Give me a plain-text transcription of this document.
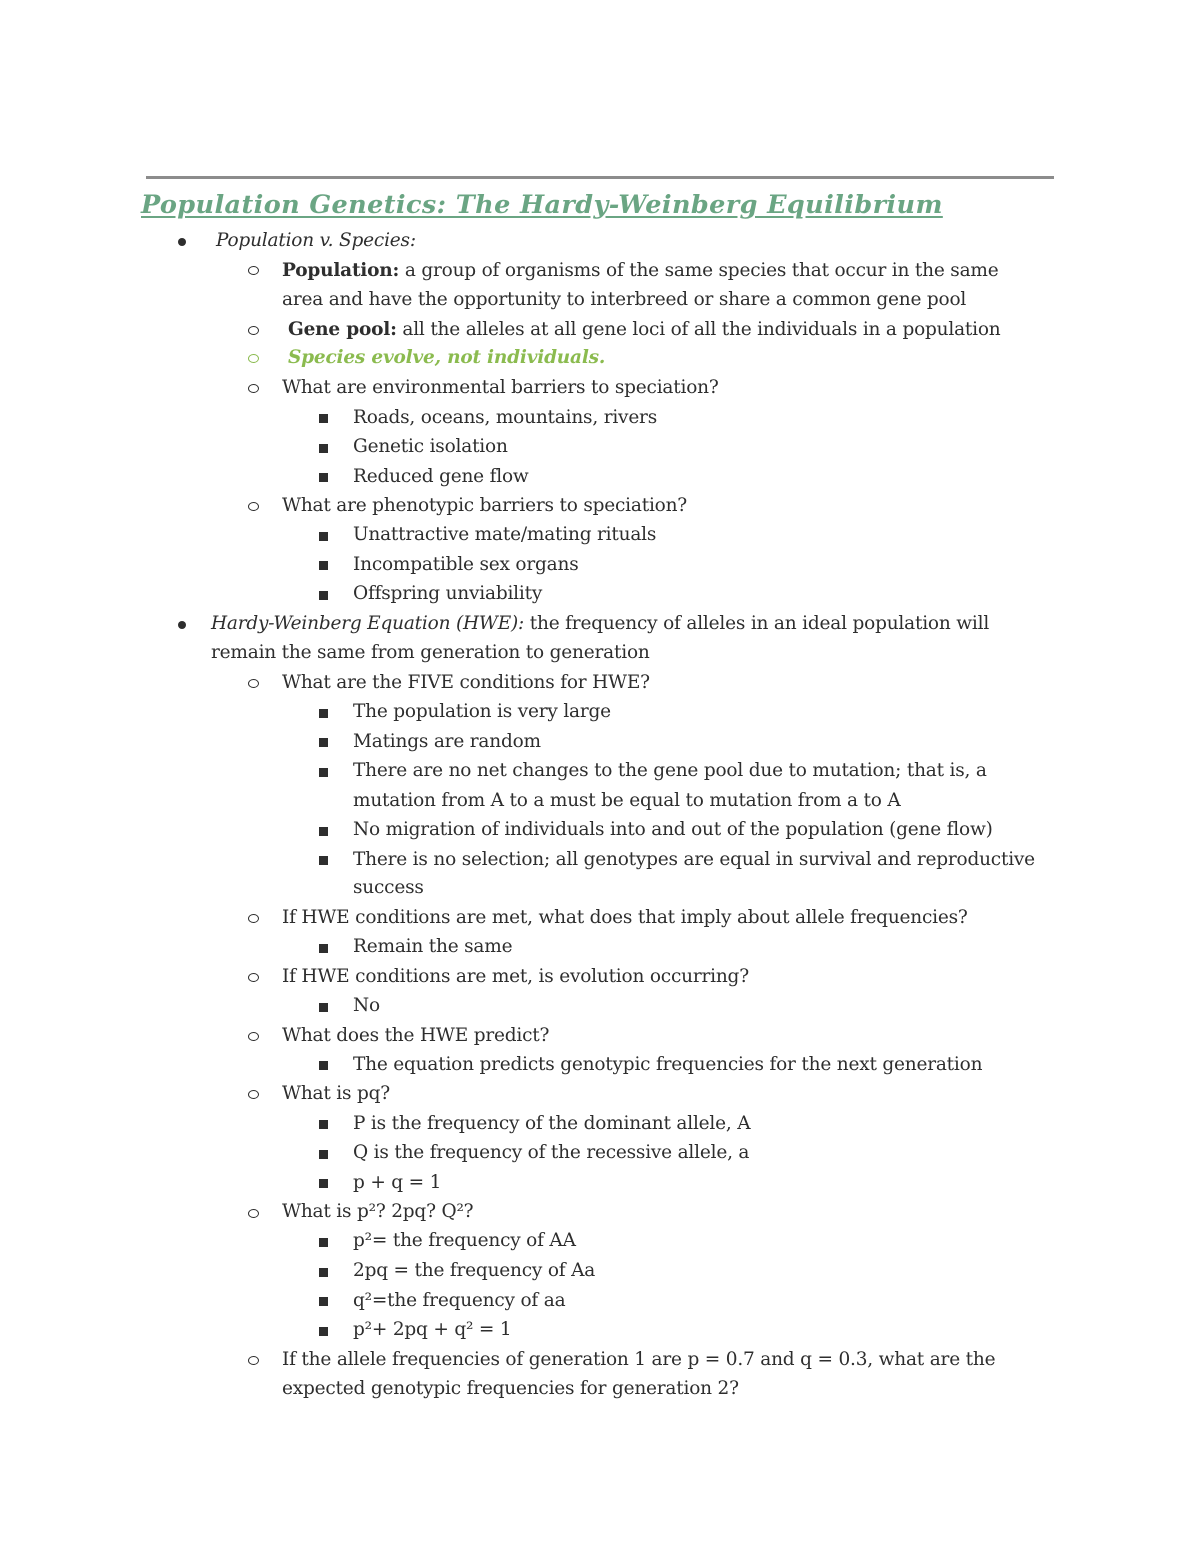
Population Genetics: The Hardy-Weinberg Equilibrium
Population v. Species:
Population: a group of organisms of the same species that occur in the same
area and have the opportunity to interbreed or share a common gene pool
Gene pool: all the alleles at all gene loci of all the individuals in a population
Species evolve, not individuals.
What are environmental barriers to speciation?
Roads, oceans, mountains, rivers
Genetic isolation
Reduced gene flow
What are phenotypic barriers to speciation?
Unattractive mate/mating rituals
Incompatible sex organs
Offspring unviability
Hardy-Weinberg Equation (HWE): the frequency of alleles in an ideal population will
remain the same from generation to generation
What are the FIVE conditions for HWE?
The population is very large
Matings are random
There are no net changes to the gene pool due to mutation; that is, a
mutation from A to a must be equal to mutation from a to A
No migration of individuals into and out of the population (gene flow)
There is no selection; all genotypes are equal in survival and reproductive
success
If HWE conditions are met, what does that imply about allele frequencies?
Remain the same
If HWE conditions are met, is evolution occurring?
No
What does the HWE predict?
The equation predicts genotypic frequencies for the next generation
What is pq?
P is the frequency of the dominant allele, A
Q is the frequency of the recessive allele, a
p + q = 1
What is p²? 2pq? Q²?
p²= the frequency of AA
2pq = the frequency of Aa
q²=the frequency of aa
p²+ 2pq + q² = 1
If the allele frequencies of generation 1 are p = 0.7 and q = 0.3, what are the
expected genotypic frequencies for generation 2?
